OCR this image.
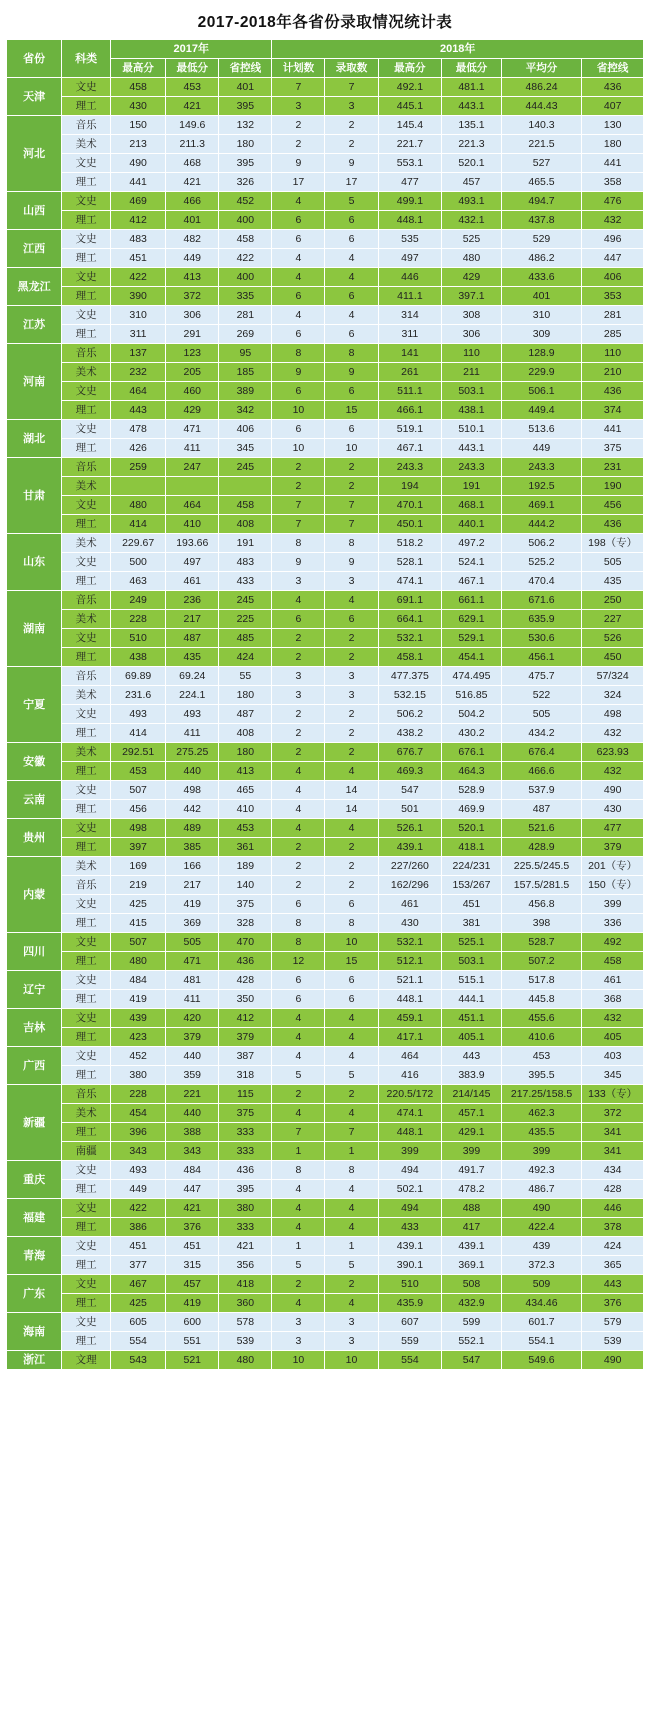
2017-2018年各省份录取情况统计表
省份	科类	2017年			2018年					
		最高分	最低分	省控线	计划数	录取数	最高分	最低分	平均分	省控线
天津	文史	458	453	401	7	7	492.1	481.1	486.24	436
	理工	430	421	395	3	3	445.1	443.1	444.43	407
河北	音乐	150	149.6	132	2	2	145.4	135.1	140.3	130
	美术	213	211.3	180	2	2	221.7	221.3	221.5	180
	文史	490	468	395	9	9	553.1	520.1	527	441
	理工	441	421	326	17	17	477	457	465.5	358
山西	文史	469	466	452	4	5	499.1	493.1	494.7	476
	理工	412	401	400	6	6	448.1	432.1	437.8	432
江西	文史	483	482	458	6	6	535	525	529	496
	理工	451	449	422	4	4	497	480	486.2	447
黑龙江	文史	422	413	400	4	4	446	429	433.6	406
	理工	390	372	335	6	6	411.1	397.1	401	353
江苏	文史	310	306	281	4	4	314	308	310	281
	理工	311	291	269	6	6	311	306	309	285
河南	音乐	137	123	95	8	8	141	110	128.9	110
	美术	232	205	185	9	9	261	211	229.9	210
	文史	464	460	389	6	6	511.1	503.1	506.1	436
	理工	443	429	342	10	15	466.1	438.1	449.4	374
湖北	文史	478	471	406	6	6	519.1	510.1	513.6	441
	理工	426	411	345	10	10	467.1	443.1	449	375
甘肃	音乐	259	247	245	2	2	243.3	243.3	243.3	231
	美术				2	2	194	191	192.5	190
	文史	480	464	458	7	7	470.1	468.1	469.1	456
	理工	414	410	408	7	7	450.1	440.1	444.2	436
山东	美术	229.67	193.66	191	8	8	518.2	497.2	506.2	198（专）
	文史	500	497	483	9	9	528.1	524.1	525.2	505
	理工	463	461	433	3	3	474.1	467.1	470.4	435
湖南	音乐	249	236	245	4	4	691.1	661.1	671.6	250
	美术	228	217	225	6	6	664.1	629.1	635.9	227
	文史	510	487	485	2	2	532.1	529.1	530.6	526
	理工	438	435	424	2	2	458.1	454.1	456.1	450
宁夏	音乐	69.89	69.24	55	3	3	477.375	474.495	475.7	57/324
	美术	231.6	224.1	180	3	3	532.15	516.85	522	324
	文史	493	493	487	2	2	506.2	504.2	505	498
	理工	414	411	408	2	2	438.2	430.2	434.2	432
安徽	美术	292.51	275.25	180	2	2	676.7	676.1	676.4	623.93
	理工	453	440	413	4	4	469.3	464.3	466.6	432
云南	文史	507	498	465	4	14	547	528.9	537.9	490
	理工	456	442	410	4	14	501	469.9	487	430
贵州	文史	498	489	453	4	4	526.1	520.1	521.6	477
	理工	397	385	361	2	2	439.1	418.1	428.9	379
内蒙	美术	169	166	189	2	2	227/260	224/231	225.5/245.5	201（专）
	音乐	219	217	140	2	2	162/296	153/267	157.5/281.5	150（专）
	文史	425	419	375	6	6	461	451	456.8	399
	理工	415	369	328	8	8	430	381	398	336
四川	文史	507	505	470	8	10	532.1	525.1	528.7	492
	理工	480	471	436	12	15	512.1	503.1	507.2	458
辽宁	文史	484	481	428	6	6	521.1	515.1	517.8	461
	理工	419	411	350	6	6	448.1	444.1	445.8	368
吉林	文史	439	420	412	4	4	459.1	451.1	455.6	432
	理工	423	379	379	4	4	417.1	405.1	410.6	405
广西	文史	452	440	387	4	4	464	443	453	403
	理工	380	359	318	5	5	416	383.9	395.5	345
新疆	音乐	228	221	115	2	2	220.5/172	214/145	217.25/158.5	133（专）
	美术	454	440	375	4	4	474.1	457.1	462.3	372
	理工	396	388	333	7	7	448.1	429.1	435.5	341
	南疆	343	343	333	1	1	399	399	399	341
重庆	文史	493	484	436	8	8	494	491.7	492.3	434
	理工	449	447	395	4	4	502.1	478.2	486.7	428
福建	文史	422	421	380	4	4	494	488	490	446
	理工	386	376	333	4	4	433	417	422.4	378
青海	文史	451	451	421	1	1	439.1	439.1	439	424
	理工	377	315	356	5	5	390.1	369.1	372.3	365
广东	文史	467	457	418	2	2	510	508	509	443
	理工	425	419	360	4	4	435.9	432.9	434.46	376
海南	文史	605	600	578	3	3	607	599	601.7	579
	理工	554	551	539	3	3	559	552.1	554.1	539
浙江	文理	543	521	480	10	10	554	547	549.6	490
